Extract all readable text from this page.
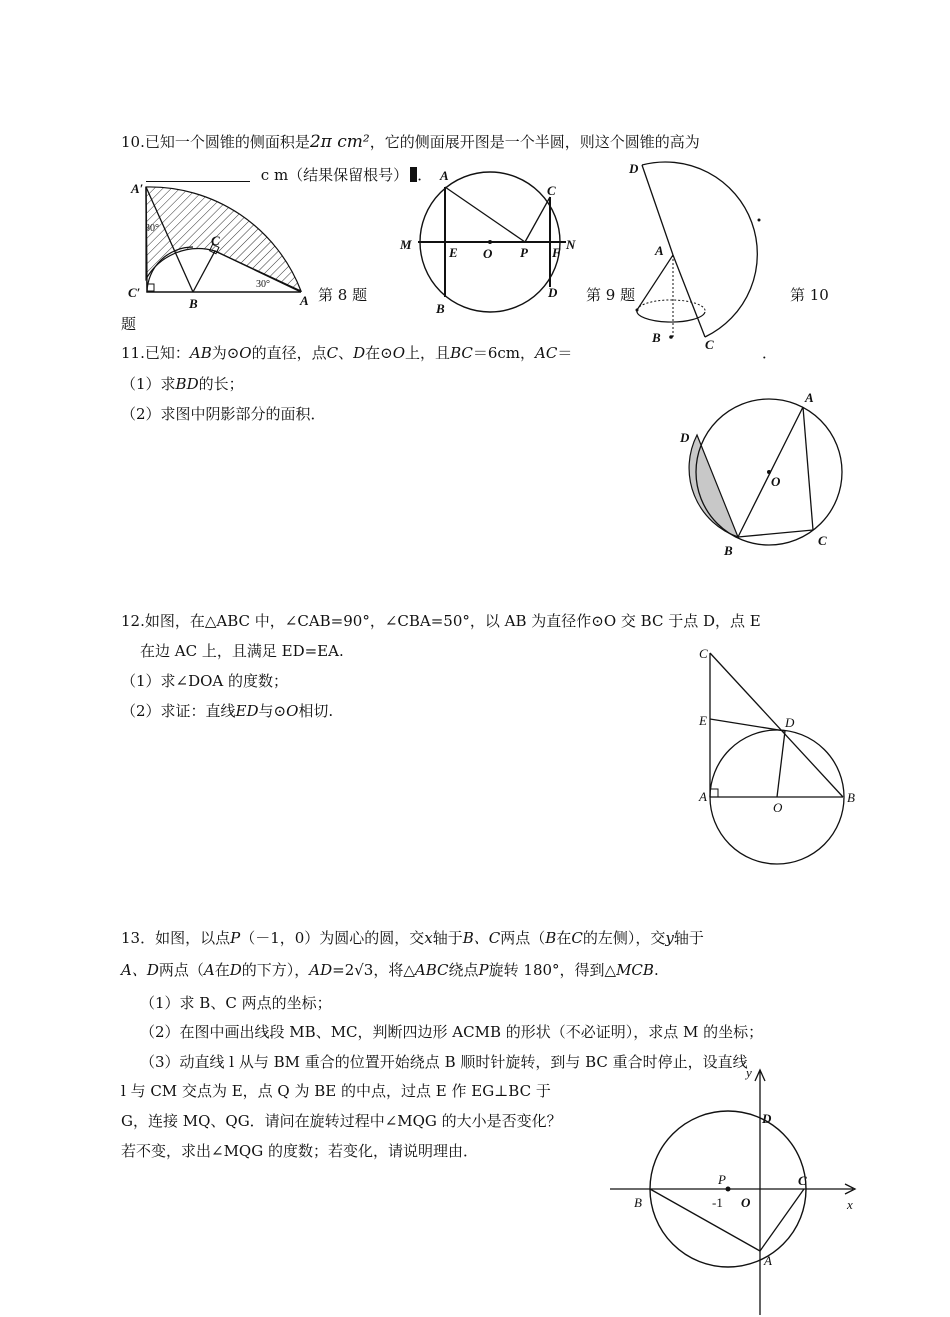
10.已知一个圆锥的侧面积是2π cm²，它的侧面展开图是一个半圆，则这个圆锥的高为
c m（结果保留根号） ．
A′
C′
B
C
A
30°
30°
第 8 题
A
C
M
E O P F
N
B
D 第 9 题
D
A
B	C
第 10
题
11.已知：AB为⊙O的直径，点C、D在⊙O上，且BC＝6cm，AC＝	．
（1）求BD的长；
（2）求图中阴影部分的面积．
A
D
O
B
C
12.如图，在△ABC 中，∠CAB=90°，∠CBA=50°，以 AB 为直径作⊙O 交 BC 于点 D，点 E
在边 AC 上，且满足 ED=EA.
（1）求∠DOA 的度数；
（2）求证：直线ED与⊙O相切.
C
E	D
A
O
B
13．如图，以点P（－1，0）为圆心的圆，交x轴于B、C两点（B在C的左侧），交y轴于
A、D两点（A在D的下方），AD=2√3，将△ABC绕点P旋转 180°，得到△MCB.
（1）求 B、C 两点的坐标；
（2）在图中画出线段 MB、MC，判断四边形 ACMB 的形状（不必证明），求点 M 的坐标；
（3）动直线 l 从与 BM 重合的位置开始绕点 B 顺时针旋转，到与 BC 重合时停止，设直线
l 与 CM 交点为 E，点 Q 为 BE 的中点，过点 E 作 EG⊥BC 于
G，连接 MQ、QG．请问在旋转过程中∠MQG 的大小是否变化？
若不变，求出∠MQG 的度数；若变化，请说明理由．
y
x
D
P	C
B	-1 O
A
